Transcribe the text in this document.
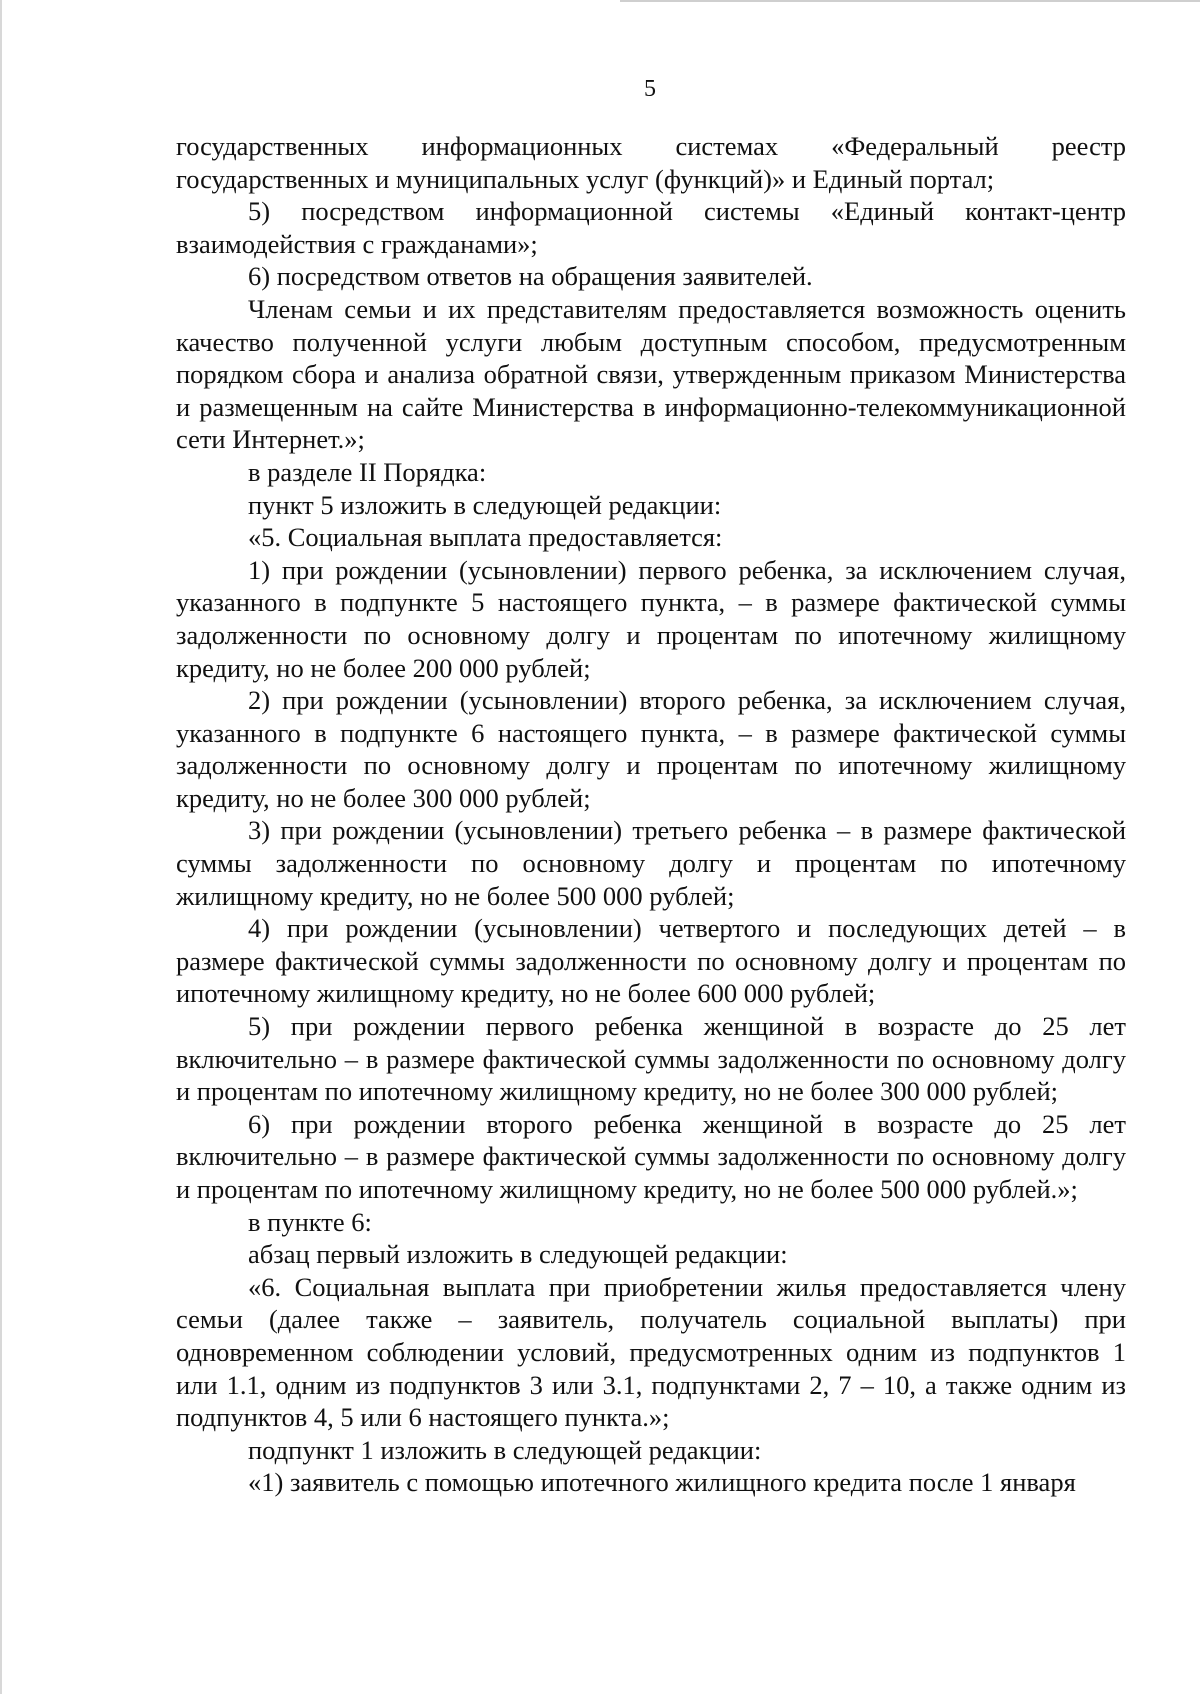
5

государственных информационных системах «Федеральный реестр государственных и муниципальных услуг (функций)» и Единый портал;

5) посредством информационной системы «Единый контакт-центр взаимодействия с гражданами»;

6) посредством ответов на обращения заявителей.

Членам семьи и их представителям предоставляется возможность оценить качество полученной услуги любым доступным способом, предусмотренным порядком сбора и анализа обратной связи, утвержденным приказом Министерства и размещенным на сайте Министерства в информационно-телекоммуникационной сети Интернет.»;

в разделе II Порядка:

пункт 5 изложить в следующей редакции:

«5. Социальная выплата предоставляется:

1) при рождении (усыновлении) первого ребенка, за исключением случая, указанного в подпункте 5 настоящего пункта, – в размере фактической суммы задолженности по основному долгу и процентам по ипотечному жилищному кредиту, но не более 200 000 рублей;

2) при рождении (усыновлении) второго ребенка, за исключением случая, указанного в подпункте 6 настоящего пункта, – в размере фактической суммы задолженности по основному долгу и процентам по ипотечному жилищному кредиту, но не более 300 000 рублей;

3) при рождении (усыновлении) третьего ребенка – в размере фактической суммы задолженности по основному долгу и процентам по ипотечному жилищному кредиту, но не более 500 000 рублей;

4) при рождении (усыновлении) четвертого и последующих детей – в размере фактической суммы задолженности по основному долгу и процентам по ипотечному жилищному кредиту, но не более 600 000 рублей;

5) при рождении первого ребенка женщиной в возрасте до 25 лет включительно – в размере фактической суммы задолженности по основному долгу и процентам по ипотечному жилищному кредиту, но не более 300 000 рублей;

6) при рождении второго ребенка женщиной в возрасте до 25 лет включительно – в размере фактической суммы задолженности по основному долгу и процентам по ипотечному жилищному кредиту, но не более 500 000 рублей.»;

в пункте 6:

абзац первый изложить в следующей редакции:

«6. Социальная выплата при приобретении жилья предоставляется члену семьи (далее также – заявитель, получатель социальной выплаты) при одновременном соблюдении условий, предусмотренных одним из подпунктов 1 или 1.1, одним из подпунктов 3 или 3.1, подпунктами 2, 7 – 10, а также одним из подпунктов 4, 5 или 6 настоящего пункта.»;

подпункт 1 изложить в следующей редакции:

«1) заявитель с помощью ипотечного жилищного кредита после 1 января
